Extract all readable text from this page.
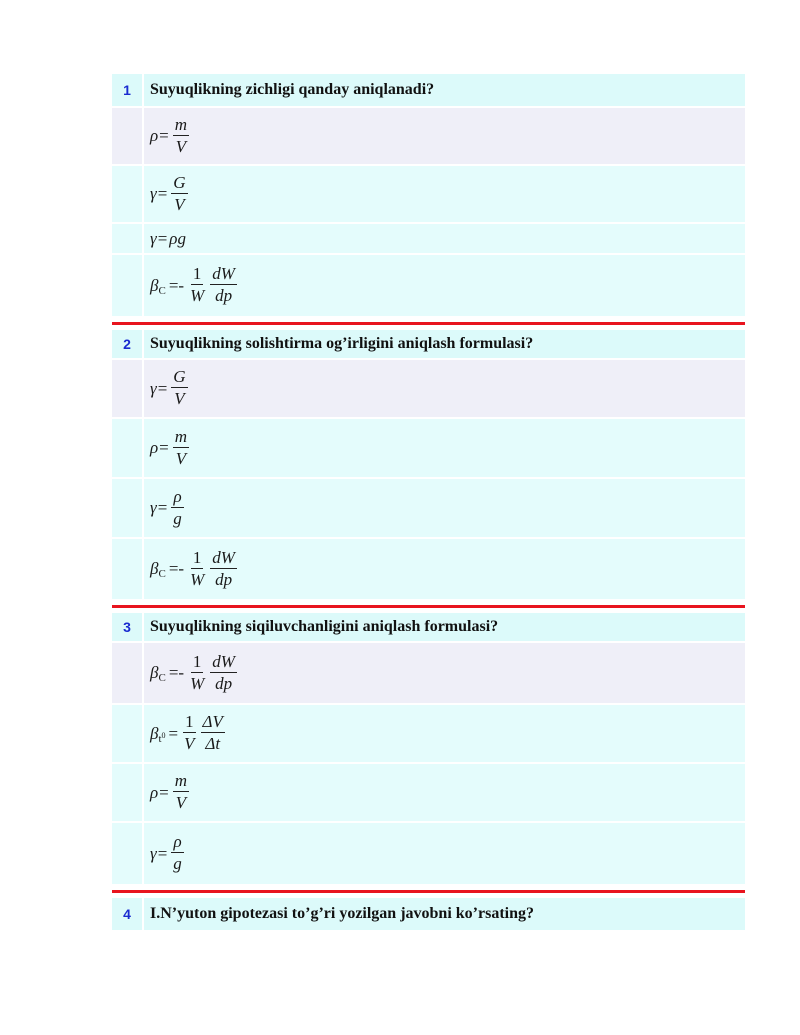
1	Suyuqlikning zichligi qanday aniqlanadi?
$\rho = \frac{m}{V}$
$\gamma = \frac{G}{V}$
γ = ρg
β $C =- \frac{1}{W} \frac{dW}{dp}$
2	Suyuqlikning solishtirma og’irligini aniqlash formulasi?
$\gamma = \frac{G}{V}$
$\rho = \frac{m}{V}$
$\gamma = \frac{\rho}{g}$
β $C =- \frac{1}{W} \frac{dW}{dp}$
3	Suyuqlikning siqiluvchanligini aniqlash formulasi?
β $C =- \frac{1}{W} \frac{dW}{dp}$
β $t^0 = \frac{1}{V} \frac{\Delta V}{\Delta t}$
$\rho = \frac{m}{V}$
$\gamma = \frac{\rho}{g}$
4	I.N’yuton gipotezasi to’g’ri yozilgan javobni ko’rsating?
